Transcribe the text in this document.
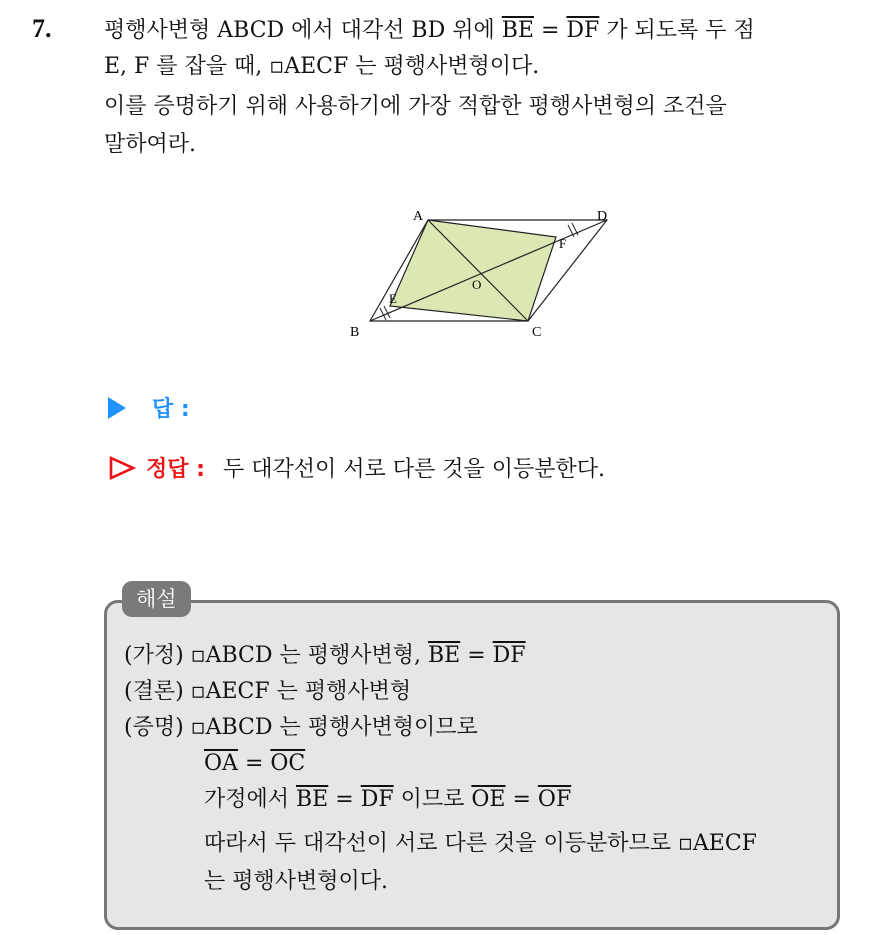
7. 평행사변형 ABCD 에서 대각선 BD 위에 $\overline{BE} = \overline{DF}$ 가 되도록 두 점
E, F 를 잡을 때, ▫AECF 는 평행사변형이다.
이를 증명하기 위해 사용하기에 가장 적합한 평행사변형의 조건을
말하여라.
A	D
B	C
E
F
O
답 :
정답 : 두 대각선이 서로 다른 것을 이등분한다.
해설
(가정) ▫ABCD 는 평행사변형, $\overline{BE} = \overline{DF}$
(결론) ▫AECF 는 평행사변형
(증명) ▫ABCD 는 평행사변형이므로
$\overline{OA} = \overline{OC}$
가정에서 $\overline{BE} = \overline{DF}$ 이므로 $\overline{OE} = \overline{OF}$
따라서 두 대각선이 서로 다른 것을 이등분하므로 ▫AECF
는 평행사변형이다.
